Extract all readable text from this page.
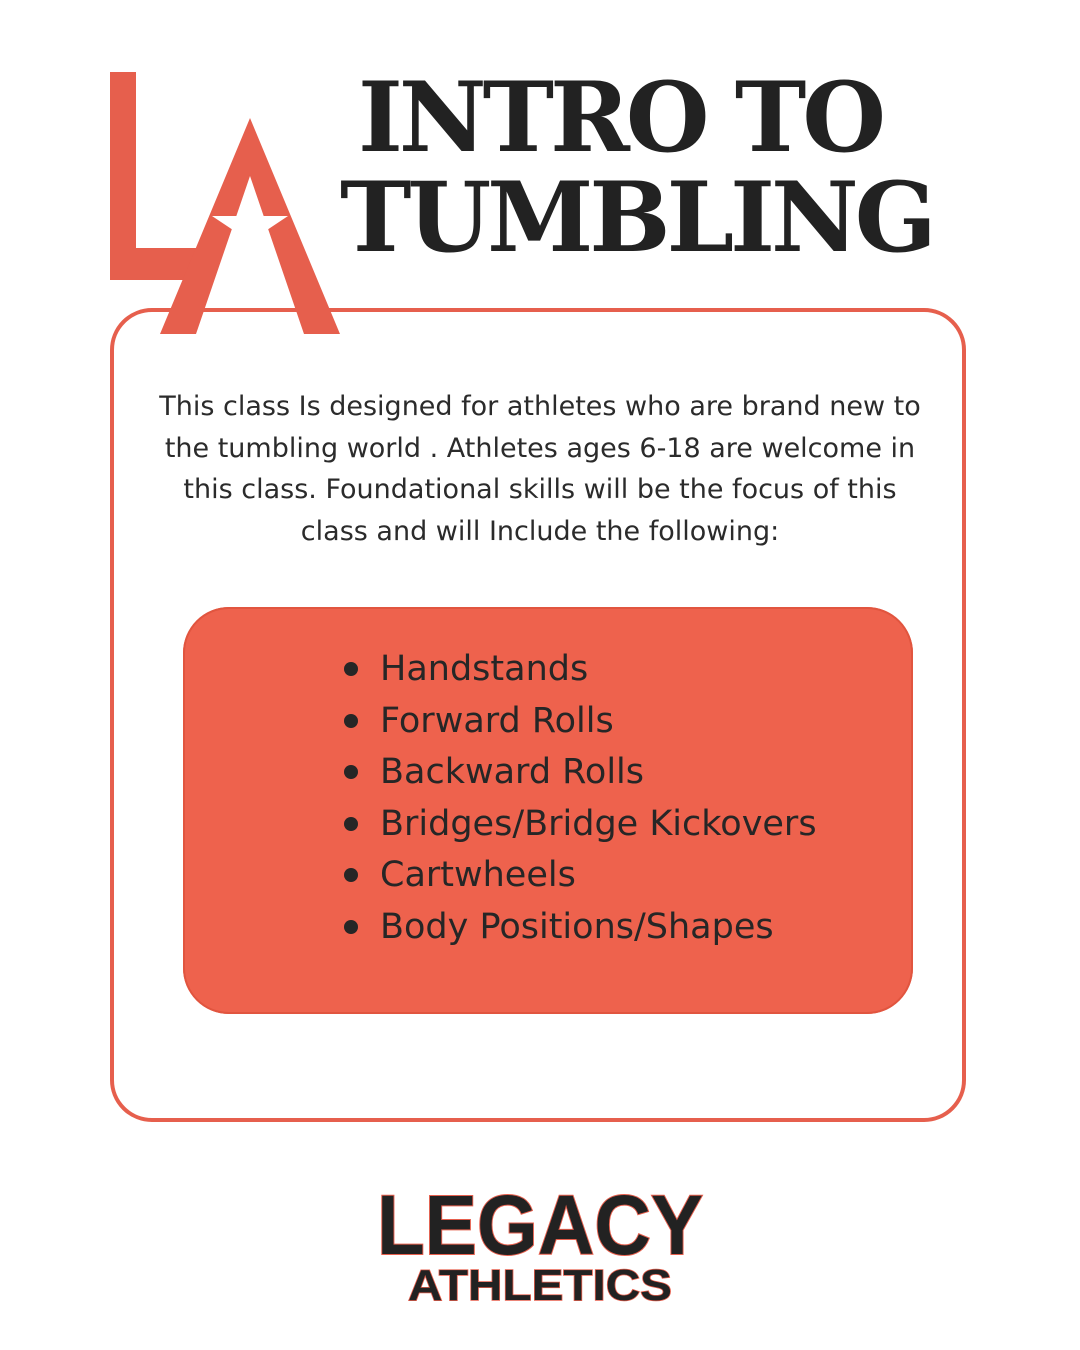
INTRO TO
TUMBLING
This class Is designed for athletes who are brand new to the tumbling world . Athletes ages 6-18 are welcome in this class. Foundational skills will be the focus of this class and will Include the following:
Handstands
Forward Rolls
Backward Rolls
Bridges/Bridge Kickovers
Cartwheels
Body Positions/Shapes
LEGACY
ATHLETICS
